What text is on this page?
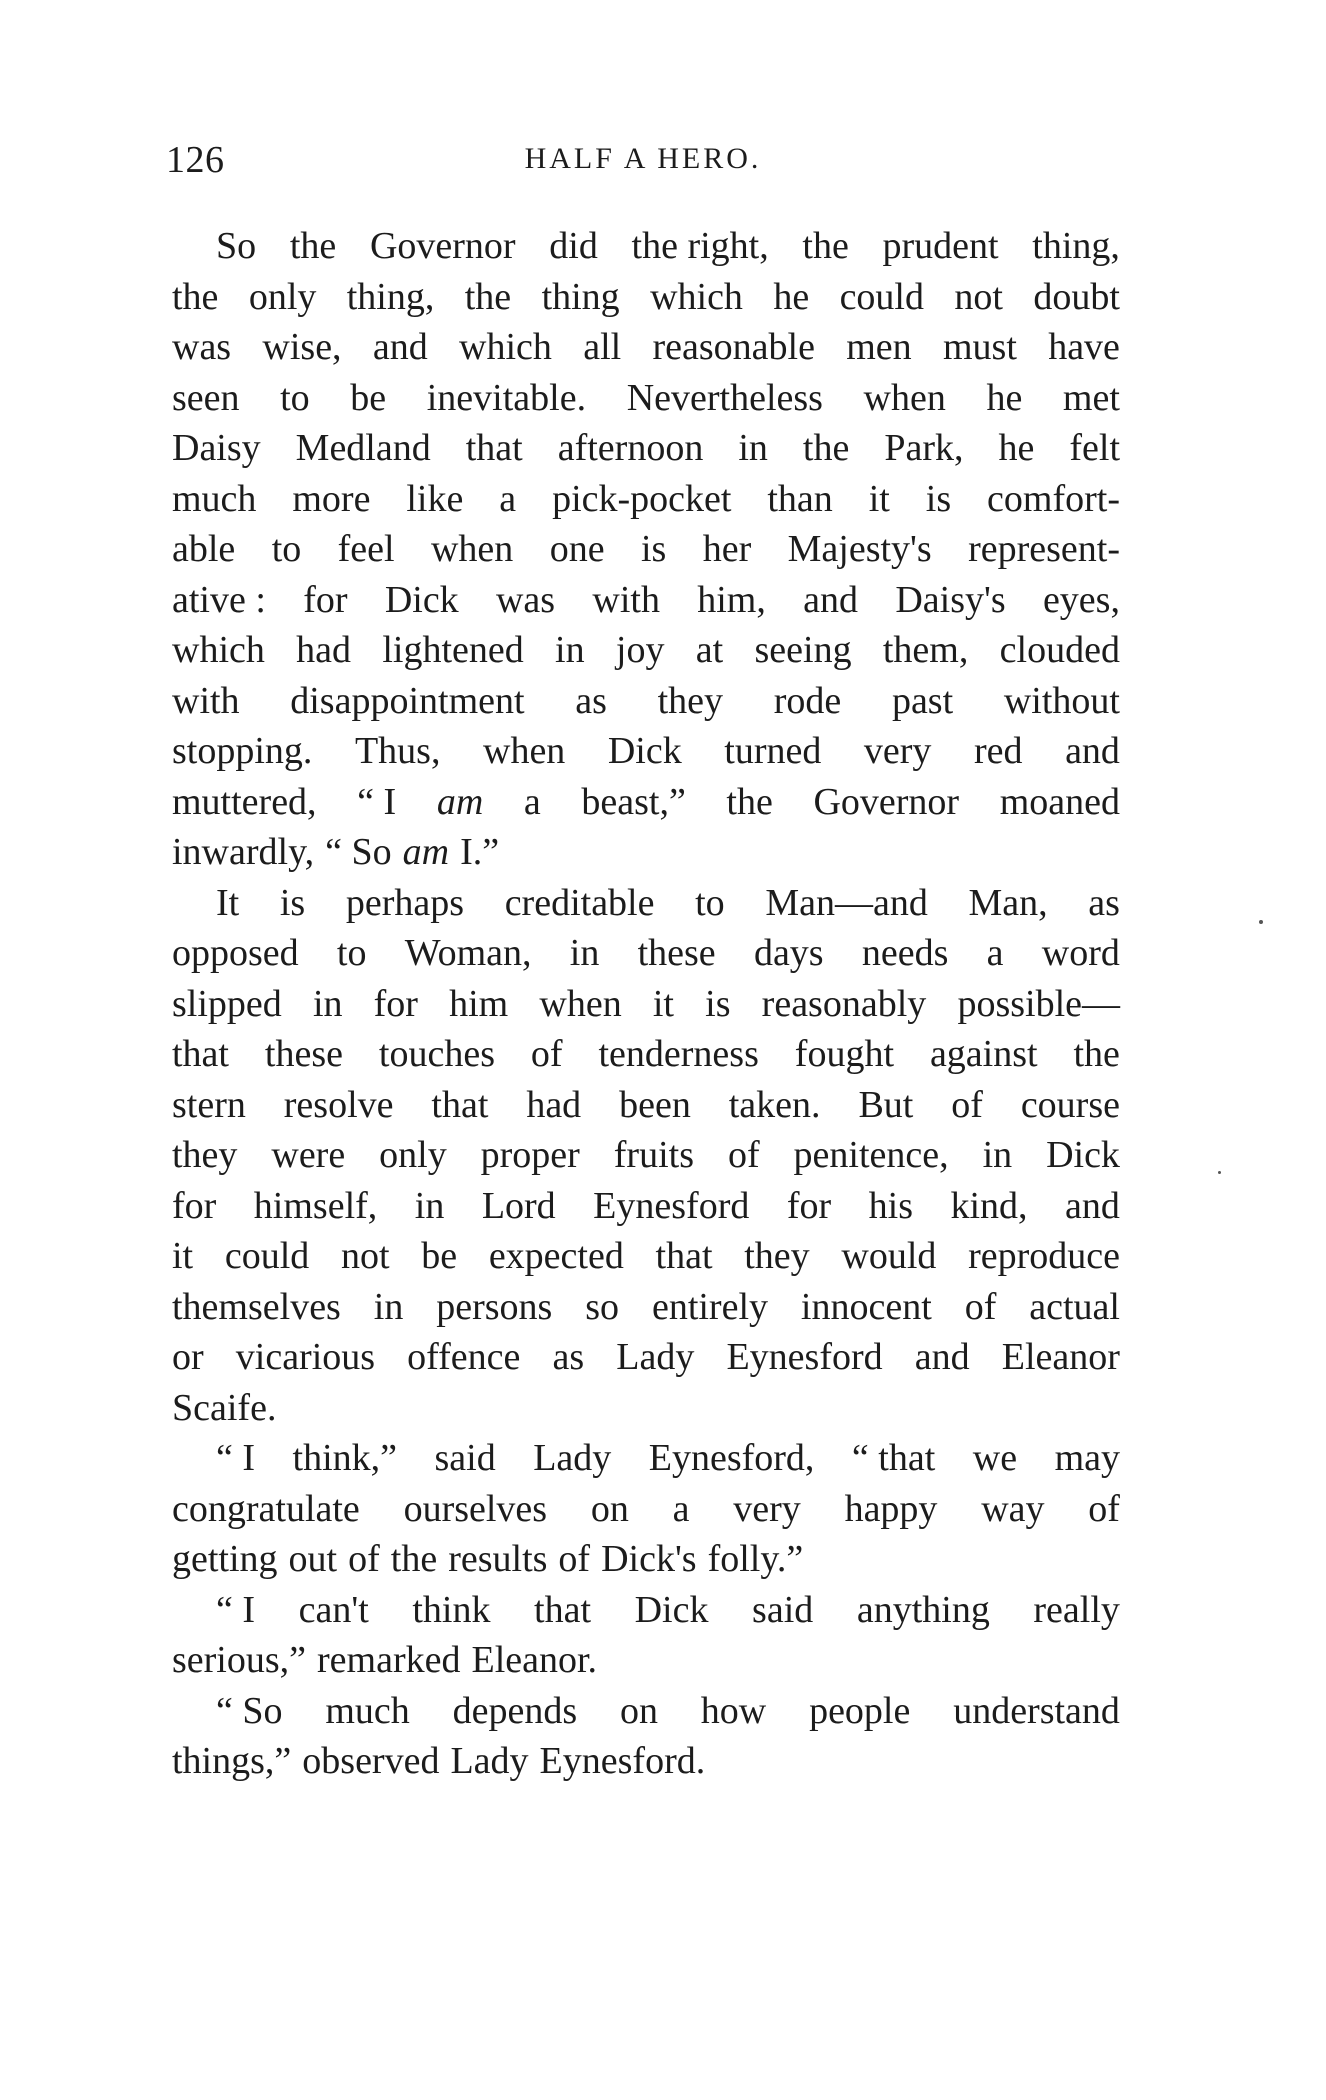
126	HALF A HERO.
So the Governor did the right, the prudent thing,
the only thing, the thing which he could not doubt
was wise, and which all reasonable men must have
seen to be inevitable. Nevertheless when he met
Daisy Medland that afternoon in the Park, he felt
much more like a pick-pocket than it is comfort-
able to feel when one is her Majesty's represent-
ative : for Dick was with him, and Daisy's eyes,
which had lightened in joy at seeing them, clouded
with disappointment as they rode past without
stopping. Thus, when Dick turned very red and
muttered, “ I am a beast,” the Governor moaned
inwardly, “ So am I.”
It is perhaps creditable to Man—and Man, as
opposed to Woman, in these days needs a word
slipped in for him when it is reasonably possible—
that these touches of tenderness fought against the
stern resolve that had been taken. But of course
they were only proper fruits of penitence, in Dick
for himself, in Lord Eynesford for his kind, and
it could not be expected that they would reproduce
themselves in persons so entirely innocent of actual
or vicarious offence as Lady Eynesford and Eleanor
Scaife.
“ I think,” said Lady Eynesford, “ that we may
congratulate ourselves on a very happy way of
getting out of the results of Dick's folly.”
“ I can't think that Dick said anything really
serious,” remarked Eleanor.
“ So much depends on how people understand
things,” observed Lady Eynesford.
